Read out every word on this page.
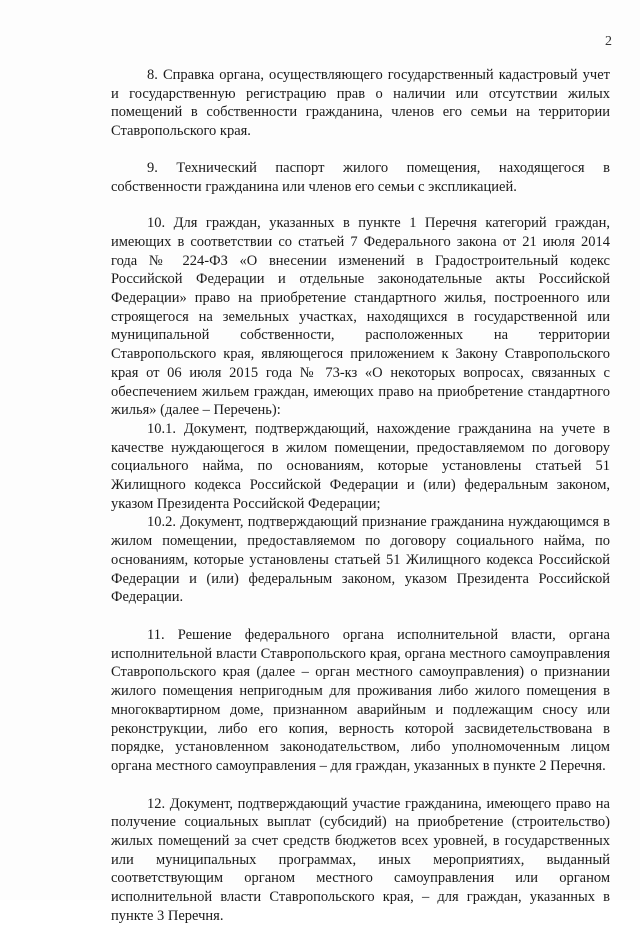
2

8. Справка органа, осуществляющего государственный кадастровый учет и государственную регистрацию прав о наличии или отсутствии жилых помещений в собственности гражданина, членов его семьи на территории Ставропольского края.

9. Технический паспорт жилого помещения, находящегося в собственности гражданина или членов его семьи с экспликацией.

10. Для граждан, указанных в пункте 1 Перечня категорий граждан, имеющих в соответствии со статьей 7 Федерального закона от 21 июля 2014 года № 224-ФЗ «О внесении изменений в Градостроительный кодекс Российской Федерации и отдельные законодательные акты Российской Федерации» право на приобретение стандартного жилья, построенного или строящегося на земельных участках, находящихся в государственной или муниципальной собственности, расположенных на территории Ставропольского края, являющегося приложением к Закону Ставропольского края от 06 июля 2015 года № 73-кз «О некоторых вопросах, связанных с обеспечением жильем граждан, имеющих право на приобретение стандартного жилья» (далее – Перечень):

10.1. Документ, подтверждающий, нахождение гражданина на учете в качестве нуждающегося в жилом помещении, предоставляемом по договору социального найма, по основаниям, которые установлены статьей 51 Жилищного кодекса Российской Федерации и (или) федеральным законом, указом Президента Российской Федерации;

10.2. Документ, подтверждающий признание гражданина нуждающимся в жилом помещении, предоставляемом по договору социального найма, по основаниям, которые установлены статьей 51 Жилищного кодекса Российской Федерации и (или) федеральным законом, указом Президента Российской Федерации.

11. Решение федерального органа исполнительной власти, органа исполнительной власти Ставропольского края, органа местного самоуправления Ставропольского края (далее – орган местного самоуправления) о признании жилого помещения непригодным для проживания либо жилого помещения в многоквартирном доме, признанном аварийным и подлежащим сносу или реконструкции, либо его копия, верность которой засвидетельствована в порядке, установленном законодательством, либо уполномоченным лицом органа местного самоуправления – для граждан, указанных в пункте 2 Перечня.

12. Документ, подтверждающий участие гражданина, имеющего право на получение социальных выплат (субсидий) на приобретение (строительство) жилых помещений за счет средств бюджетов всех уровней, в государственных или муниципальных программах, иных мероприятиях, выданный соответствующим органом местного самоуправления или органом исполнительной власти Ставропольского края, – для граждан, указанных в пункте 3 Перечня.
